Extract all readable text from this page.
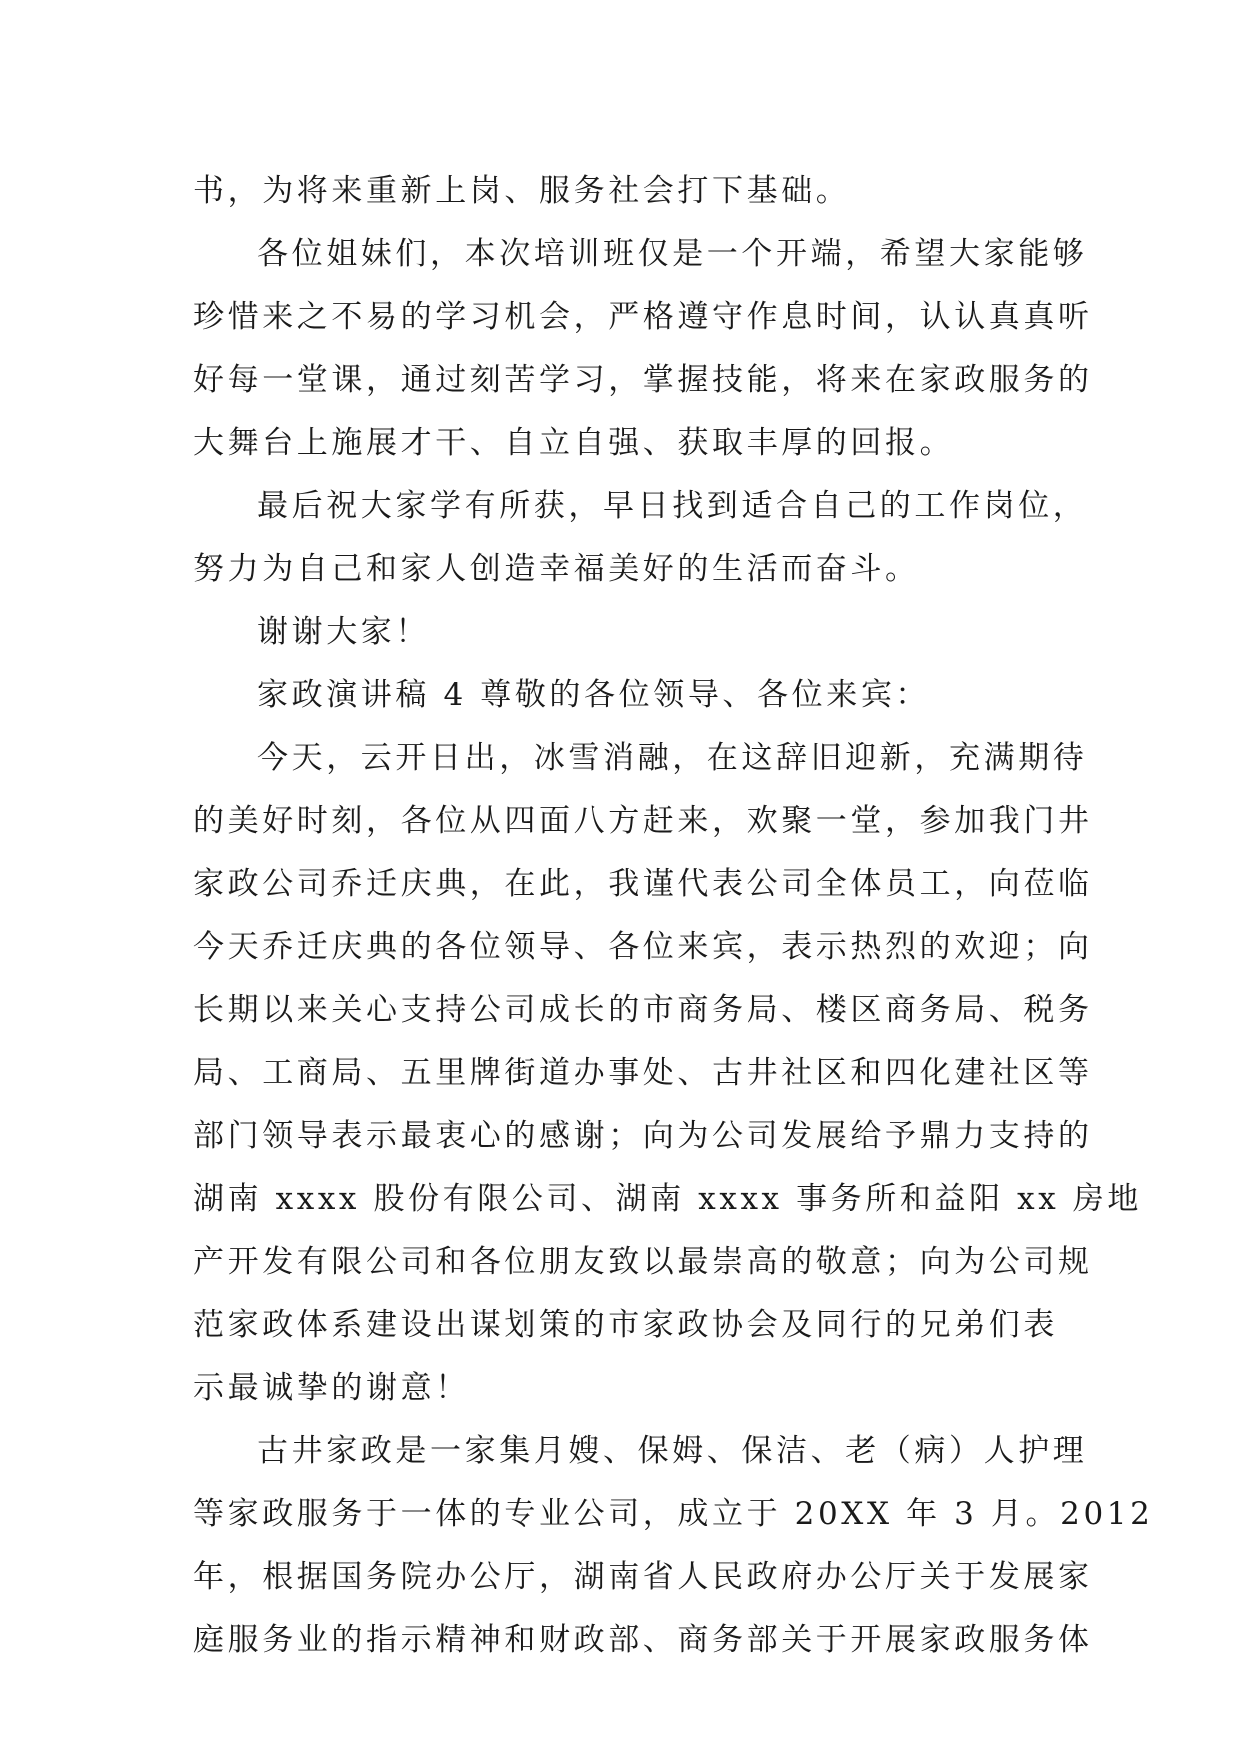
书，为将来重新上岗、服务社会打下基础。
各位姐妹们，本次培训班仅是一个开端，希望大家能够
珍惜来之不易的学习机会，严格遵守作息时间，认认真真听
好每一堂课，通过刻苦学习，掌握技能，将来在家政服务的
大舞台上施展才干、自立自强、获取丰厚的回报。
最后祝大家学有所获，早日找到适合自己的工作岗位，
努力为自己和家人创造幸福美好的生活而奋斗。
谢谢大家！
家政演讲稿 4 尊敬的各位领导、各位来宾：
今天，云开日出，冰雪消融，在这辞旧迎新，充满期待
的美好时刻，各位从四面八方赶来，欢聚一堂，参加我门井
家政公司乔迁庆典，在此，我谨代表公司全体员工，向莅临
今天乔迁庆典的各位领导、各位来宾，表示热烈的欢迎；向
长期以来关心支持公司成长的市商务局、楼区商务局、税务
局、工商局、五里牌街道办事处、古井社区和四化建社区等
部门领导表示最衷心的感谢；向为公司发展给予鼎力支持的
湖南 xxxx 股份有限公司、湖南 xxxx 事务所和益阳 xx 房地
产开发有限公司和各位朋友致以最崇高的敬意；向为公司规
范家政体系建设出谋划策的市家政协会及同行的兄弟们表
示最诚挚的谢意！
古井家政是一家集月嫂、保姆、保洁、老（病）人护理
等家政服务于一体的专业公司，成立于 20XX 年 3 月。2012
年，根据国务院办公厅，湖南省人民政府办公厅关于发展家
庭服务业的指示精神和财政部、商务部关于开展家政服务体
